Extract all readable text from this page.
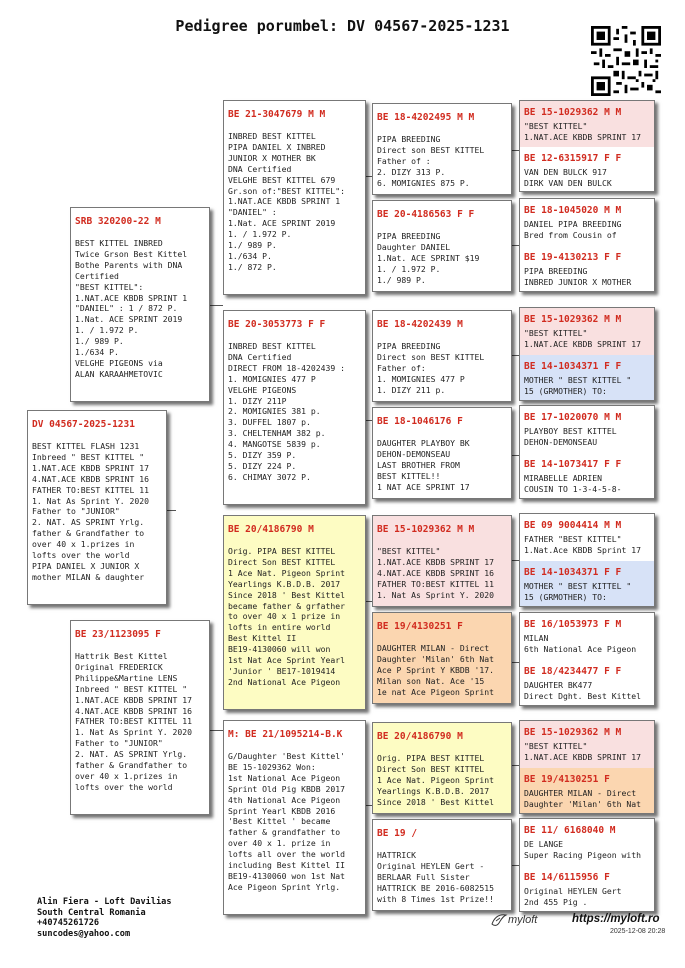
Pedigree porumbel: DV 04567-2025-1231
DV 04567-2025-1231
BEST KITTEL FLASH 1231
Inbreed " BEST KITTEL "
1.NAT.ACE KBDB SPRINT 17
4.NAT.ACE KBDB SPRINT 16
FATHER TO:BEST KITTEL 11
1. Nat As Sprint Y. 2020
Father to "JUNIOR"
2. NAT. AS SPRINT Yrlg.
father & Grandfather to
over 40 x 1.prizes in
lofts over the world
PIPA DANIEL X JUNIOR X
mother MILAN & daughter
SRB 320200-22 M
BEST KITTEL INBRED
Twice Grson Best Kittel
Bothe Parents with DNA
Certified
"BEST KITTEL":
1.NAT.ACE KBDB SPRINT 1
"DANIEL" : 1 / 872 P.
1.Nat. ACE SPRINT 2019
1. / 1.972 P.
1./ 989 P.
1./634 P.
VELGHE PIGEONS via
ALAN KARAAHMETOVIC
BE 23/1123095 F
Hattrik Best Kittel
Original FREDERICK
Philippe&Martine LENS
Inbreed " BEST KITTEL "
1.NAT.ACE KBDB SPRINT 17
4.NAT.ACE KBDB SPRINT 16
FATHER TO:BEST KITTEL 11
1. Nat As Sprint Y. 2020
Father to "JUNIOR"
2. NAT. AS SPRINT Yrlg.
father & Grandfather to
over 40 x 1.prizes in
lofts over the world
BE 21-3047679 M M
INBRED BEST KITTEL
PIPA DANIEL X INBRED
JUNIOR X MOTHER BK
DNA Certified
VELGHE BEST KITTEL 679
Gr.son of:"BEST KITTEL":
1.NAT.ACE KBDB SPRINT 1
"DANIEL" :
1.Nat. ACE SPRINT 2019
1. / 1.972 P.
1./ 989 P.
1./634 P.
1./ 872 P.
BE 20-3053773 F F
INBRED BEST KITTEL
DNA Certified
DIRECT FROM 18-4202439 :
1. MOMIGNIES 477 P
VELGHE PIGEONS
1. DIZY 211P
2. MOMIGNIES 381 p.
3. DUFFEL 1807 p.
3. CHELTENHAM 382 p.
4. MANGOTSE 5839 p.
5. DIZY 359 P.
5. DIZY 224 P.
6. CHIMAY 3072 P.
BE 20/4186790 M
Orig. PIPA BEST KITTEL
Direct Son BEST KITTEL
1 Ace Nat. Pigeon Sprint
Yearlings K.B.D.B. 2017
Since 2018 ' Best Kittel
became father & grfather
to over 40 x 1 prize in
lofts in entire world
Best Kittel II
BE19-4130060 will won
1st Nat Ace Sprint Yearl
'Junior ' BE17-1019414
2nd National Ace Pigeon
M: BE 21/1095214-B.K
G/Daughter 'Best Kittel'
BE 15-1029362 Won:
1st National Ace Pigeon
Sprint Old Pig KBDB 2017
4th National Ace Pigeon
Sprint Yearl KBDB 2016
'Best Kittel ' became
father & grandfather to
over 40 x 1. prize in
lofts all over the world
including Best Kittel II
BE19-4130060 won 1st Nat
Ace Pigeon Sprint Yrlg.
BE 18-4202495 M M
PIPA BREEDING
Direct son BEST KITTEL
Father of :
2. DIZY 313 P.
6. MOMIGNIES 875 P.
BE 20-4186563 F F
PIPA BREEDING
Daughter DANIEL
1.Nat. ACE SPRINT $19
1. / 1.972 P.
1./ 989 P.
BE 18-4202439 M
PIPA BREEDING
Direct son BEST KITTEL
Father of:
1. MOMIGNIES 477 P
1. DIZY 211 p.
BE 18-1046176 F
DAUGHTER PLAYBOY BK
DEHON-DEMONSEAU
LAST BROTHER FROM
BEST KITTEL!!
1 NAT ACE SPRINT 17
BE 15-1029362 M M
"BEST KITTEL"
1.NAT.ACE KBDB SPRINT 17
4.NAT.ACE KBDB SPRINT 16
FATHER TO:BEST KITTEL 11
1. Nat As Sprint Y. 2020
BE 19/4130251 F
DAUGHTER MILAN - Direct
Daughter 'Milan' 6th Nat
Ace P Sprint Y KBDB '17.
Milan son Nat. Ace '15
1e nat Ace Pigeon Sprint
BE 20/4186790 M
Orig. PIPA BEST KITTEL
Direct Son BEST KITTEL
1 Ace Nat. Pigeon Sprint
Yearlings K.B.D.B. 2017
Since 2018 ' Best Kittel
BE 19 /
HATTRICK
Original HEYLEN Gert -
BERLAAR Full Sister
HATTRICK BE 2016-6082515
with 8 Times 1st Prize!!
BE 15-1029362 M M
"BEST KITTEL"
1.NAT.ACE KBDB SPRINT 17
BE 12-6315917 F F
VAN DEN BULCK 917
DIRK VAN DEN BULCK
BE 18-1045020 M M
DANIEL PIPA BREEDING
Bred from Cousin of
BE 19-4130213 F F
PIPA BREEDING
INBRED JUNIOR X MOTHER
BE 15-1029362 M M
"BEST KITTEL"
1.NAT.ACE KBDB SPRINT 17
BE 14-1034371 F F
MOTHER " BEST KITTEL "
15 (GRMOTHER) TO:
BE 17-1020070 M M
PLAYBOY BEST KITTEL
DEHON-DEMONSEAU
BE 14-1073417 F F
MIRABELLE ADRIEN
COUSIN TO 1-3-4-5-8-
BE 09 9004414 M M
FATHER "BEST KITTEL"
1.Nat.Ace KBDB Sprint 17
BE 14-1034371 F F
MOTHER " BEST KITTEL "
15 (GRMOTHER) TO:
BE 16/1053973 F M
MILAN
6th National Ace Pigeon
BE 18/4234477 F F
DAUGHTER BK477
Direct Dght. Best Kittel
BE 15-1029362 M M
"BEST KITTEL"
1.NAT.ACE KBDB SPRINT 17
BE 19/4130251 F
DAUGHTER MILAN - Direct
Daughter 'Milan' 6th Nat
BE 11/ 6168040 M
DE LANGE
Super Racing Pigeon with
BE 14/6115956 F
Original HEYLEN Gert
2nd 455 Pig .
Alin Fiera - Loft Davilias
South Central Romania
+40745261726
suncodes@yahoo.com
myloft	https://myloft.ro
2025-12-08 20:28
